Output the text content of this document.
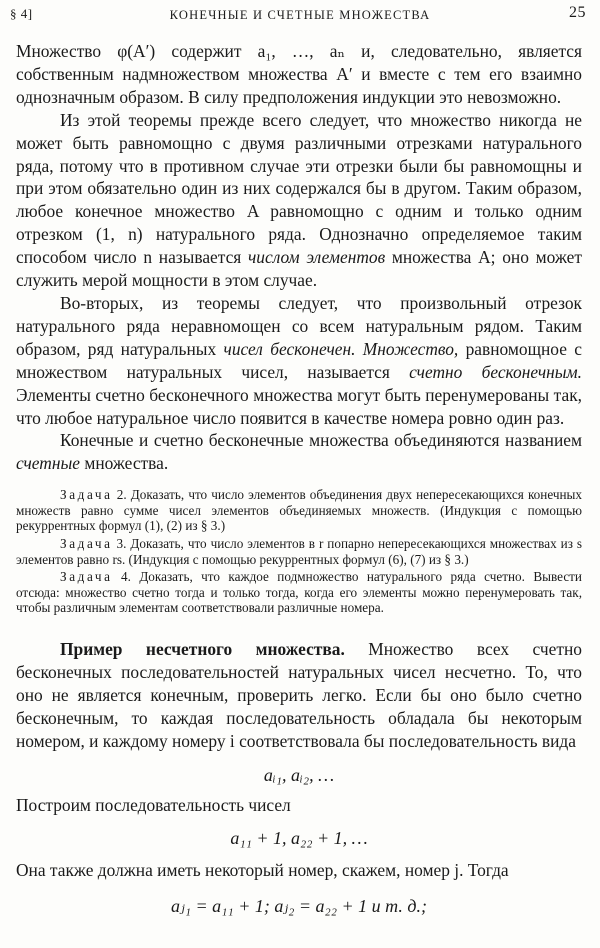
§ 4]	КОНЕЧНЫЕ И СЧЕТНЫЕ МНОЖЕСТВА	25

Множество φ(A′) содержит a₁, …, aₙ и, следовательно, является собственным надмножеством множества A′ и вместе с тем его взаимно однозначным образом. В силу предположения индукции это невозможно.

Из этой теоремы прежде всего следует, что множество никогда не может быть равномощно с двумя различными отрезками натурального ряда, потому что в противном случае эти отрезки были бы равномощны и при этом обязательно один из них содержался бы в другом. Таким образом, любое конечное множество A равномощно с одним и только одним отрезком (1, n) натурального ряда. Однозначно определяемое таким способом число n называется числом элементов множества A; оно может служить мерой мощности в этом случае.

Во-вторых, из теоремы следует, что произвольный отрезок натурального ряда неравномощен со всем натуральным рядом. Таким образом, ряд натуральных чисел бесконечен. Множество, равномощное с множеством натуральных чисел, называется счетно бесконечным. Элементы счетно бесконечного множества могут быть перенумерованы так, что любое натуральное число появится в качестве номера ровно один раз.

Конечные и счетно бесконечные множества объединяются названием счетные множества.

Задача 2. Доказать, что число элементов объединения двух непересекающихся конечных множеств равно сумме чисел элементов объединяемых множеств. (Индукция с помощью рекуррентных формул (1), (2) из § 3.)

Задача 3. Доказать, что число элементов в r попарно непересекающихся множествах из s элементов равно rs. (Индукция с помощью рекуррентных формул (6), (7) из § 3.)

Задача 4. Доказать, что каждое подмножество натурального ряда счетно. Вывести отсюда: множество счетно тогда и только тогда, когда его элементы можно перенумеровать так, чтобы различным элементам соответствовали различные номера.

Пример несчетного множества. Множество всех счетно бесконечных последовательностей натуральных чисел несчетно. То, что оно не является конечным, проверить легко. Если бы оно было счетно бесконечным, то каждая последовательность обладала бы некоторым номером, и каждому номеру i соответствовала бы последовательность вида

aᵢ₁, aᵢ₂, …

Построим последовательность чисел

a₁₁ + 1, a₂₂ + 1, …

Она также должна иметь некоторый номер, скажем, номер j. Тогда

aⱼ₁ = a₁₁ + 1; aⱼ₂ = a₂₂ + 1 и т. д.;
